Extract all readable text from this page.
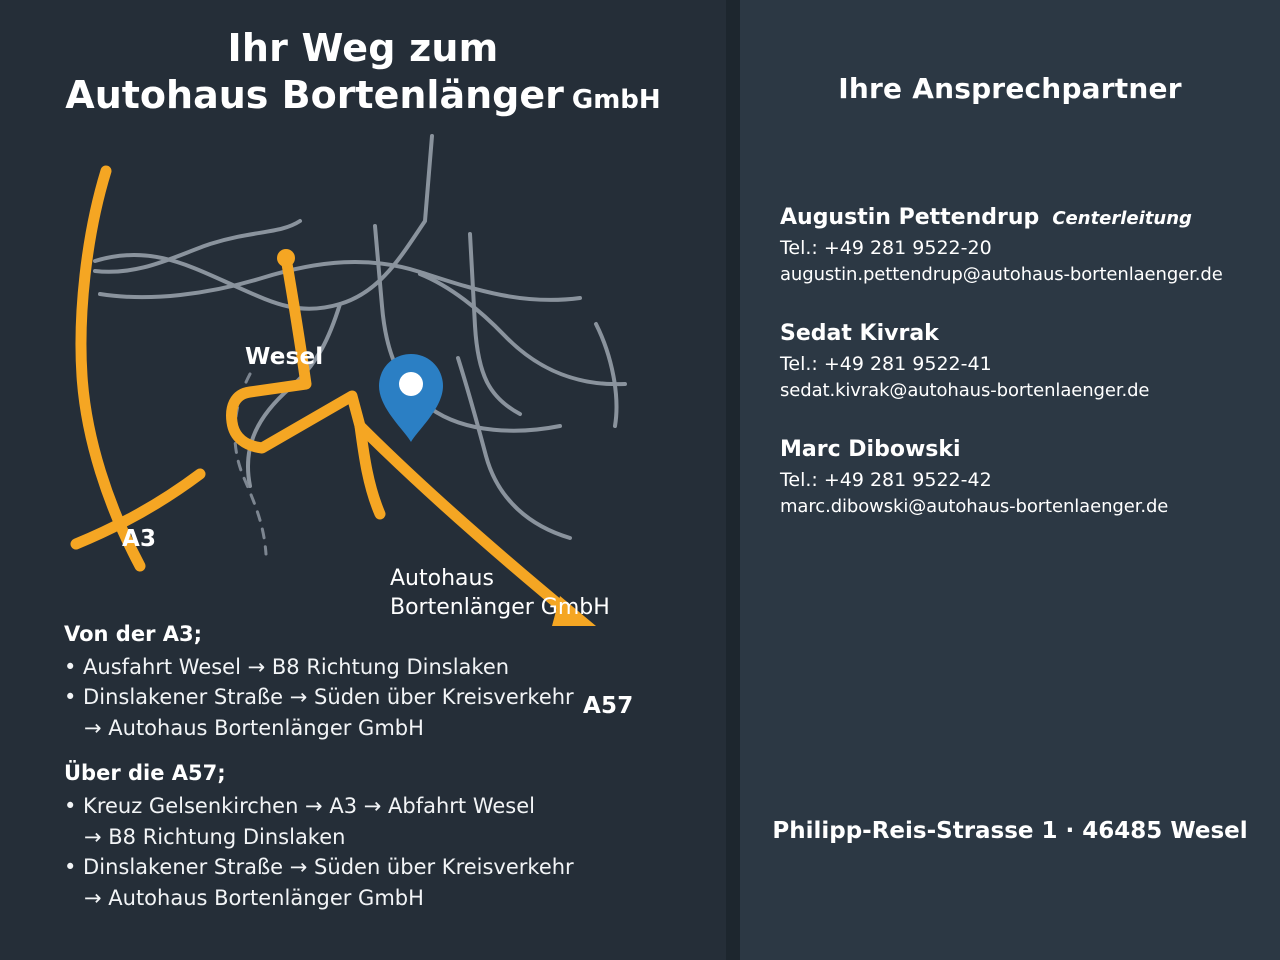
Ihr Weg zum
Autohaus Bortenlänger GmbH
Wesel
A3
A57
Autohaus
Bortenlänger GmbH
Von der A3;
• Ausfahrt Wesel → B8 Richtung Dinslaken
• Dinslakener Straße → Süden über Kreisverkehr
→ Autohaus Bortenlänger GmbH
Über die A57;
• Kreuz Gelsenkirchen → A3 → Abfahrt Wesel
→ B8 Richtung Dinslaken
• Dinslakener Straße → Süden über Kreisverkehr
→ Autohaus Bortenlänger GmbH
Ihre Ansprechpartner
Augustin Pettendrup Centerleitung
Tel.: +49 281 9522-20
augustin.pettendrup@autohaus-bortenlaenger.de
Sedat Kivrak
Tel.: +49 281 9522-41
sedat.kivrak@autohaus-bortenlaenger.de
Marc Dibowski
Tel.: +49 281 9522-42
marc.dibowski@autohaus-bortenlaenger.de
Philipp-Reis-Strasse 1 · 46485 Wesel
